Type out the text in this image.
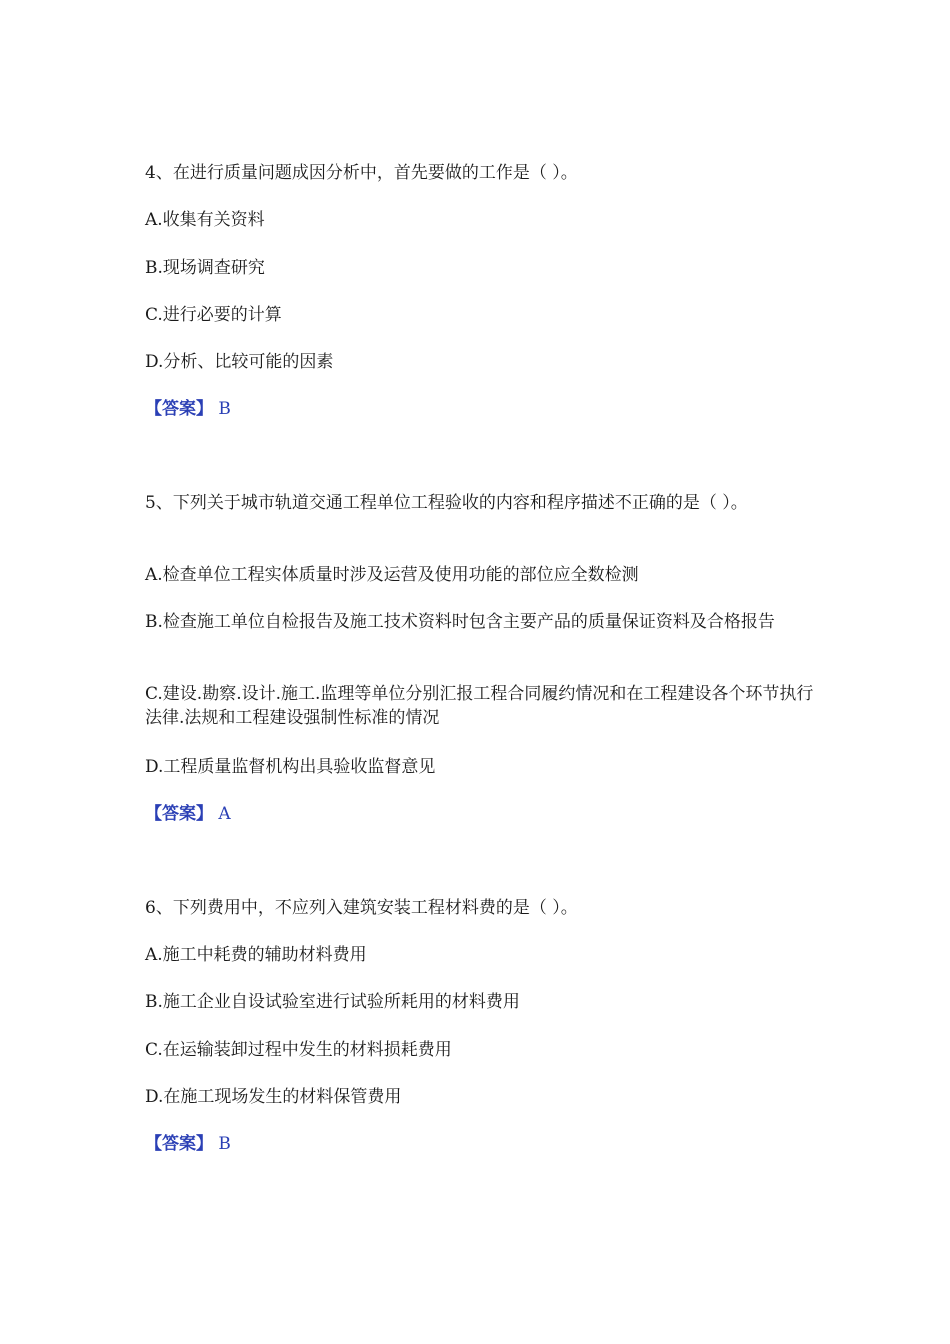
4、在进行质量问题成因分析中，首先要做的工作是（ ）。
A.收集有关资料
B.现场调查研究
C.进行必要的计算
D.分析、比较可能的因素
【答案】 B
5、下列关于城市轨道交通工程单位工程验收的内容和程序描述不正确的是（ ）。
A.检查单位工程实体质量时涉及运营及使用功能的部位应全数检测
B.检查施工单位自检报告及施工技术资料时包含主要产品的质量保证资料及合格报告
C.建设.勘察.设计.施工.监理等单位分别汇报工程合同履约情况和在工程建设各个环节执行法律.法规和工程建设强制性标准的情况
D.工程质量监督机构出具验收监督意见
【答案】 A
6、下列费用中，不应列入建筑安装工程材料费的是（ ）。
A.施工中耗费的辅助材料费用
B.施工企业自设试验室进行试验所耗用的材料费用
C.在运输装卸过程中发生的材料损耗费用
D.在施工现场发生的材料保管费用
【答案】 B
